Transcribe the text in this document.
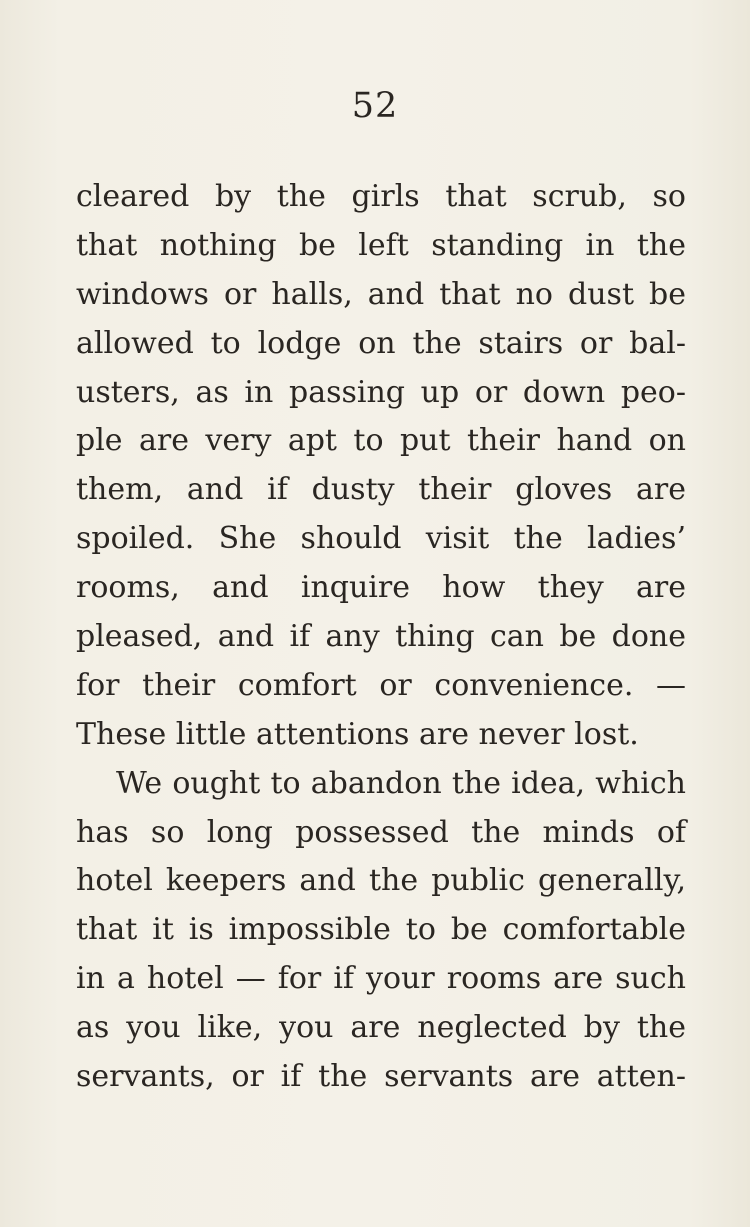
52
cleared by the girls that scrub, so
that nothing be left standing in the
windows or halls, and that no dust be
allowed to lodge on the stairs or bal-
usters, as in passing up or down peo-
ple are very apt to put their hand on
them, and if dusty their gloves are
spoiled. She should visit the ladies’
rooms, and inquire how they are
pleased, and if any thing can be done
for their comfort or convenience. —
These little attentions are never lost.
We ought to abandon the idea, which
has so long possessed the minds of
hotel keepers and the public generally,
that it is impossible to be comfortable
in a hotel — for if your rooms are such
as you like, you are neglected by the
servants, or if the servants are atten-
